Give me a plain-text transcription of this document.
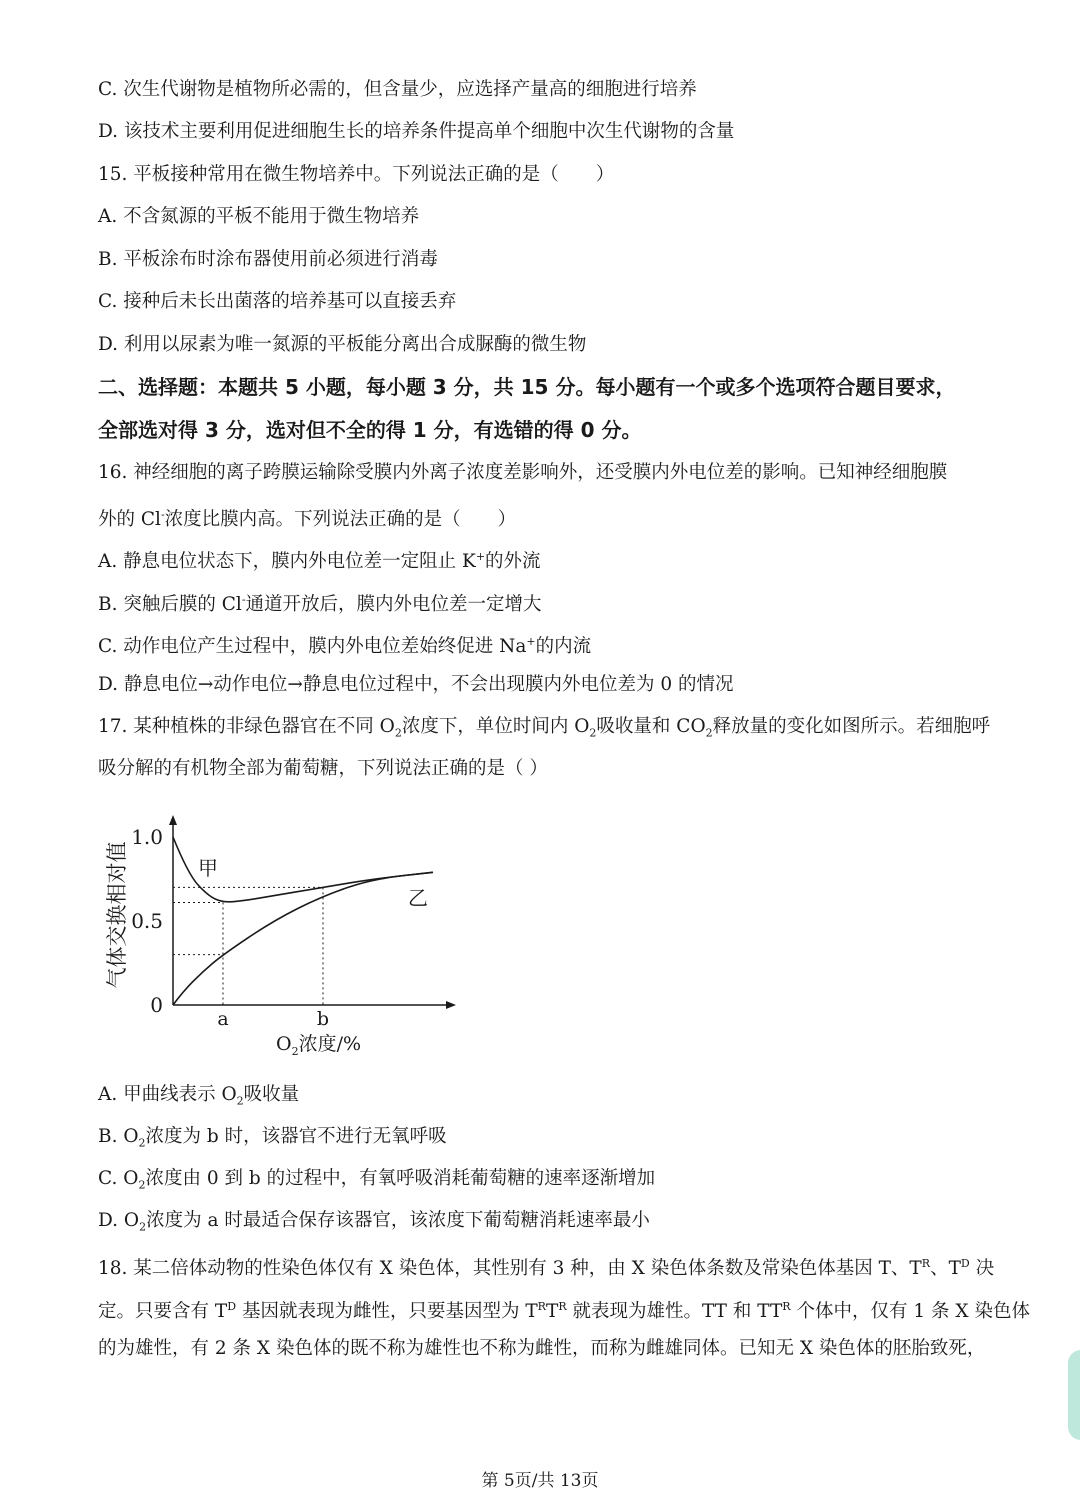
C. 次生代谢物是植物所必需的，但含量少，应选择产量高的细胞进行培养
D. 该技术主要利用促进细胞生长的培养条件提高单个细胞中次生代谢物的含量
15. 平板接种常用在微生物培养中。下列说法正确的是（　　）
A. 不含氮源的平板不能用于微生物培养
B. 平板涂布时涂布器使用前必须进行消毒
C. 接种后未长出菌落的培养基可以直接丢弃
D. 利用以尿素为唯一氮源的平板能分离出合成脲酶的微生物
二、选择题：本题共 5 小题，每小题 3 分，共 15 分。每小题有一个或多个选项符合题目要求，
全部选对得 3 分，选对但不全的得 1 分，有选错的得 0 分。
16. 神经细胞的离子跨膜运输除受膜内外离子浓度差影响外，还受膜内外电位差的影响。已知神经细胞膜
外的 Cl-浓度比膜内高。下列说法正确的是（　　）
A. 静息电位状态下，膜内外电位差一定阻止 K+的外流
B. 突触后膜的 Cl-通道开放后，膜内外电位差一定增大
C. 动作电位产生过程中，膜内外电位差始终促进 Na+的内流
D. 静息电位→动作电位→静息电位过程中，不会出现膜内外电位差为 0 的情况
17. 某种植株的非绿色器官在不同 $O_2$浓度下，单位时间内 $O_2$吸收量和 $CO_2$释放量的变化如图所示。若细胞呼
吸分解的有机物全部为葡萄糖，下列说法正确的是（ ）
1.0
0.5
0
a	b
甲
乙
气体交换相对值
$O_2$浓度/%
A. 甲曲线表示 $O_2$吸收量
B. $O_2$浓度为 b 时，该器官不进行无氧呼吸
C. $O_2$浓度由 0 到 b 的过程中，有氧呼吸消耗葡萄糖的速率逐渐增加
D. $O_2$浓度为 a 时最适合保存该器官，该浓度下葡萄糖消耗速率最小
18. 某二倍体动物的性染色体仅有 X 染色体，其性别有 3 种，由 X 染色体条数及常染色体基因 T、$T^R$、$T^D$ 决
定。只要含有 $T^D$ 基因就表现为雌性，只要基因型为 $T^RT^R$ 就表现为雄性。TT 和 $TT^R$ 个体中，仅有 1 条 X 染色体
的为雄性，有 2 条 X 染色体的既不称为雄性也不称为雌性，而称为雌雄同体。已知无 X 染色体的胚胎致死，
第 5页/共 13页
